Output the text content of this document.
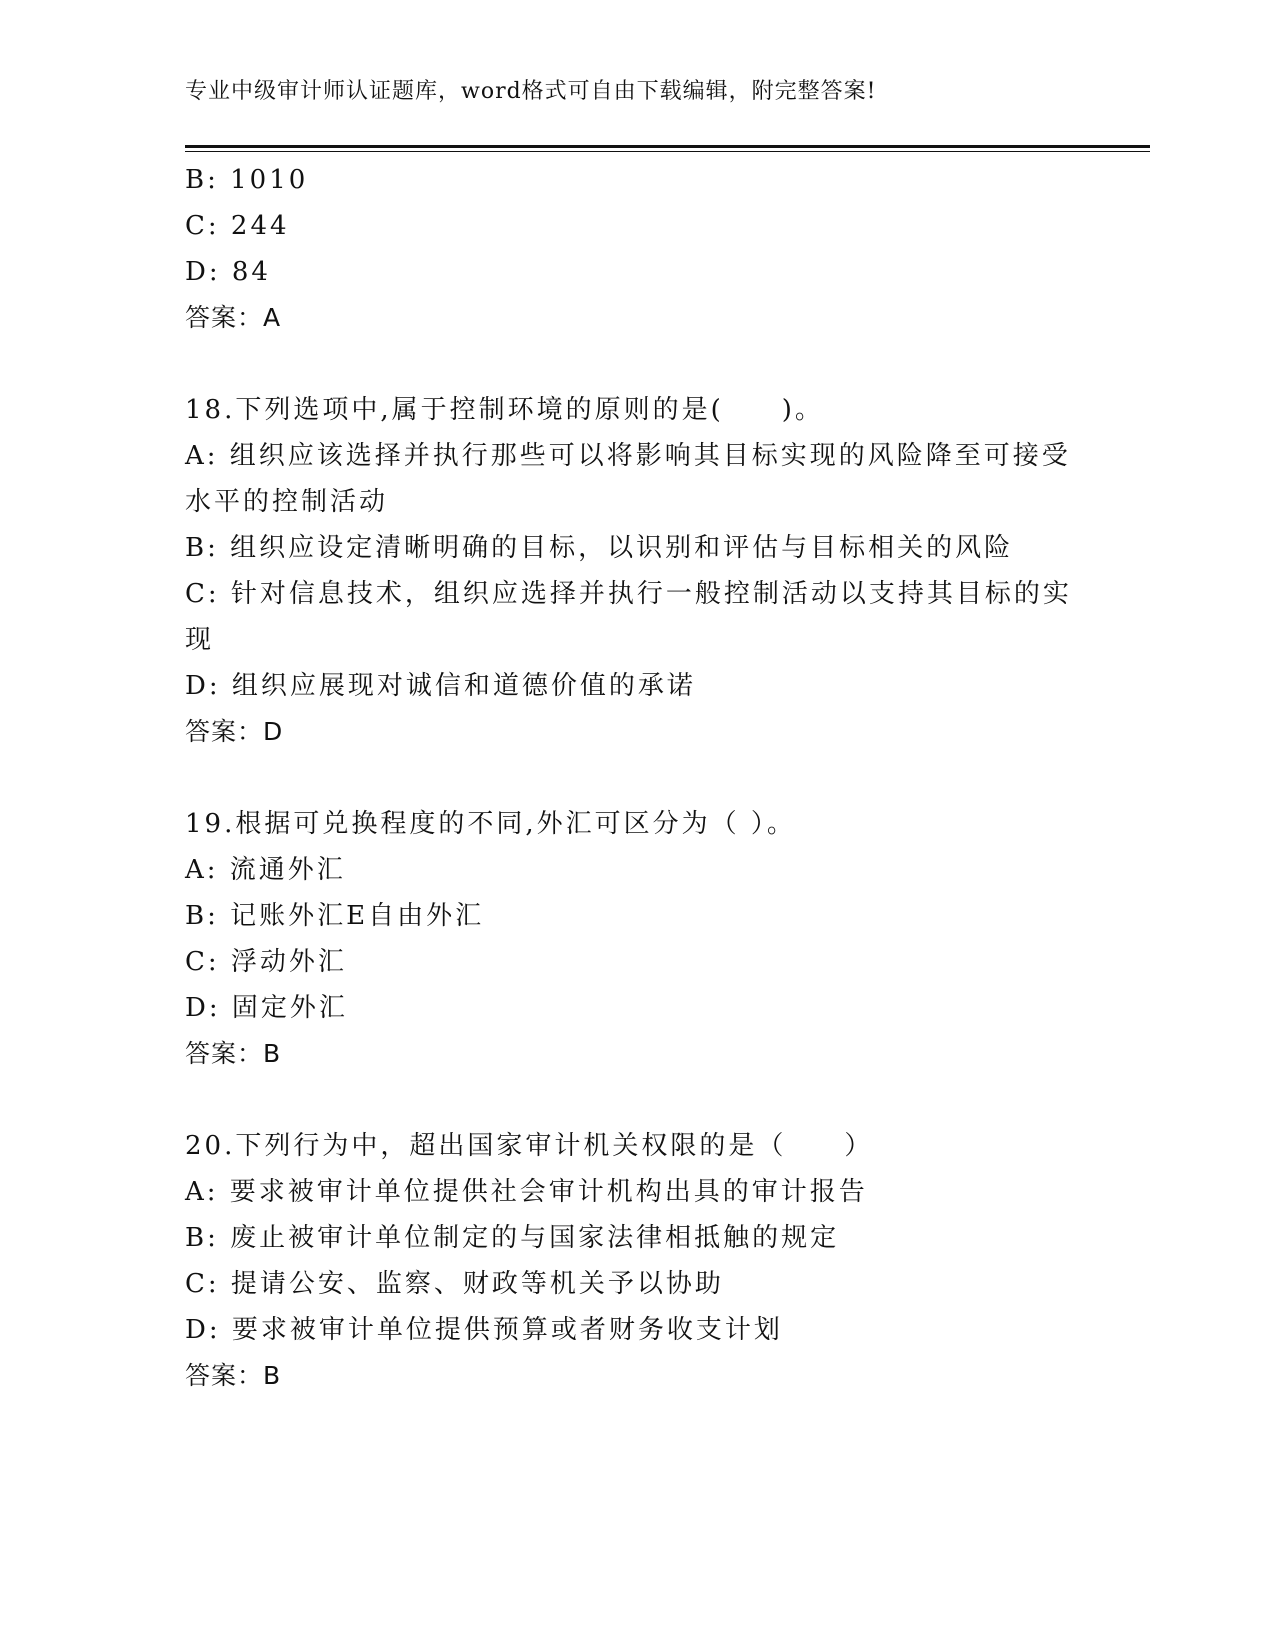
专业中级审计师认证题库，word格式可自由下载编辑，附完整答案!
B: 1010
C: 244
D: 84
答案：A
18.下列选项中,属于控制环境的原则的是(　　)。
A: 组织应该选择并执行那些可以将影响其目标实现的风险降至可接受
水平的控制活动
B: 组织应设定清晰明确的目标，以识别和评估与目标相关的风险
C: 针对信息技术，组织应选择并执行一般控制活动以支持其目标的实
现
D: 组织应展现对诚信和道德价值的承诺
答案：D
19.根据可兑换程度的不同,外汇可区分为（ ）。
A: 流通外汇
B: 记账外汇E自由外汇
C: 浮动外汇
D: 固定外汇
答案：B
20.下列行为中，超出国家审计机关权限的是（　　）
A: 要求被审计单位提供社会审计机构出具的审计报告
B: 废止被审计单位制定的与国家法律相抵触的规定
C: 提请公安、监察、财政等机关予以协助
D: 要求被审计单位提供预算或者财务收支计划
答案：B
